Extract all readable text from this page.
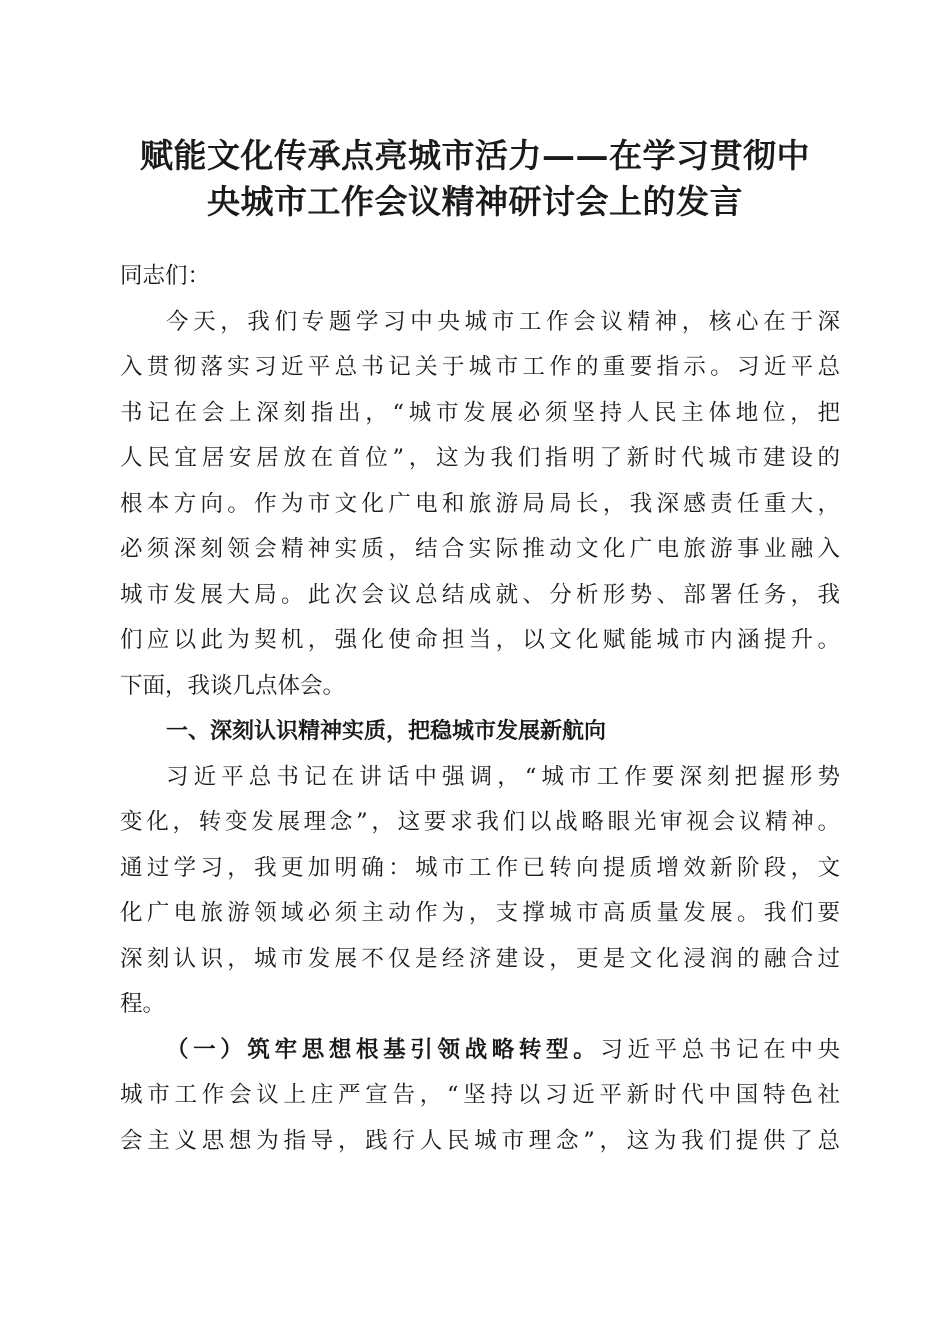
赋能文化传承点亮城市活力——在学习贯彻中
央城市工作会议精神研讨会上的发言
同志们：
今天，我们专题学习中央城市工作会议精神，核心在于深
入贯彻落实习近平总书记关于城市工作的重要指示。习近平总
书记在会上深刻指出，“城市发展必须坚持人民主体地位，把
人民宜居安居放在首位”，这为我们指明了新时代城市建设的
根本方向。作为市文化广电和旅游局局长，我深感责任重大，
必须深刻领会精神实质，结合实际推动文化广电旅游事业融入
城市发展大局。此次会议总结成就、分析形势、部署任务，我
们应以此为契机，强化使命担当，以文化赋能城市内涵提升。
下面，我谈几点体会。
一、深刻认识精神实质，把稳城市发展新航向
习近平总书记在讲话中强调，“城市工作要深刻把握形势
变化，转变发展理念”，这要求我们以战略眼光审视会议精神。
通过学习，我更加明确：城市工作已转向提质增效新阶段，文
化广电旅游领域必须主动作为，支撑城市高质量发展。我们要
深刻认识，城市发展不仅是经济建设，更是文化浸润的融合过
程。
（一）筑牢思想根基引领战略转型。习近平总书记在中央
城市工作会议上庄严宣告，“坚持以习近平新时代中国特色社
会主义思想为指导，践行人民城市理念”，这为我们提供了总
